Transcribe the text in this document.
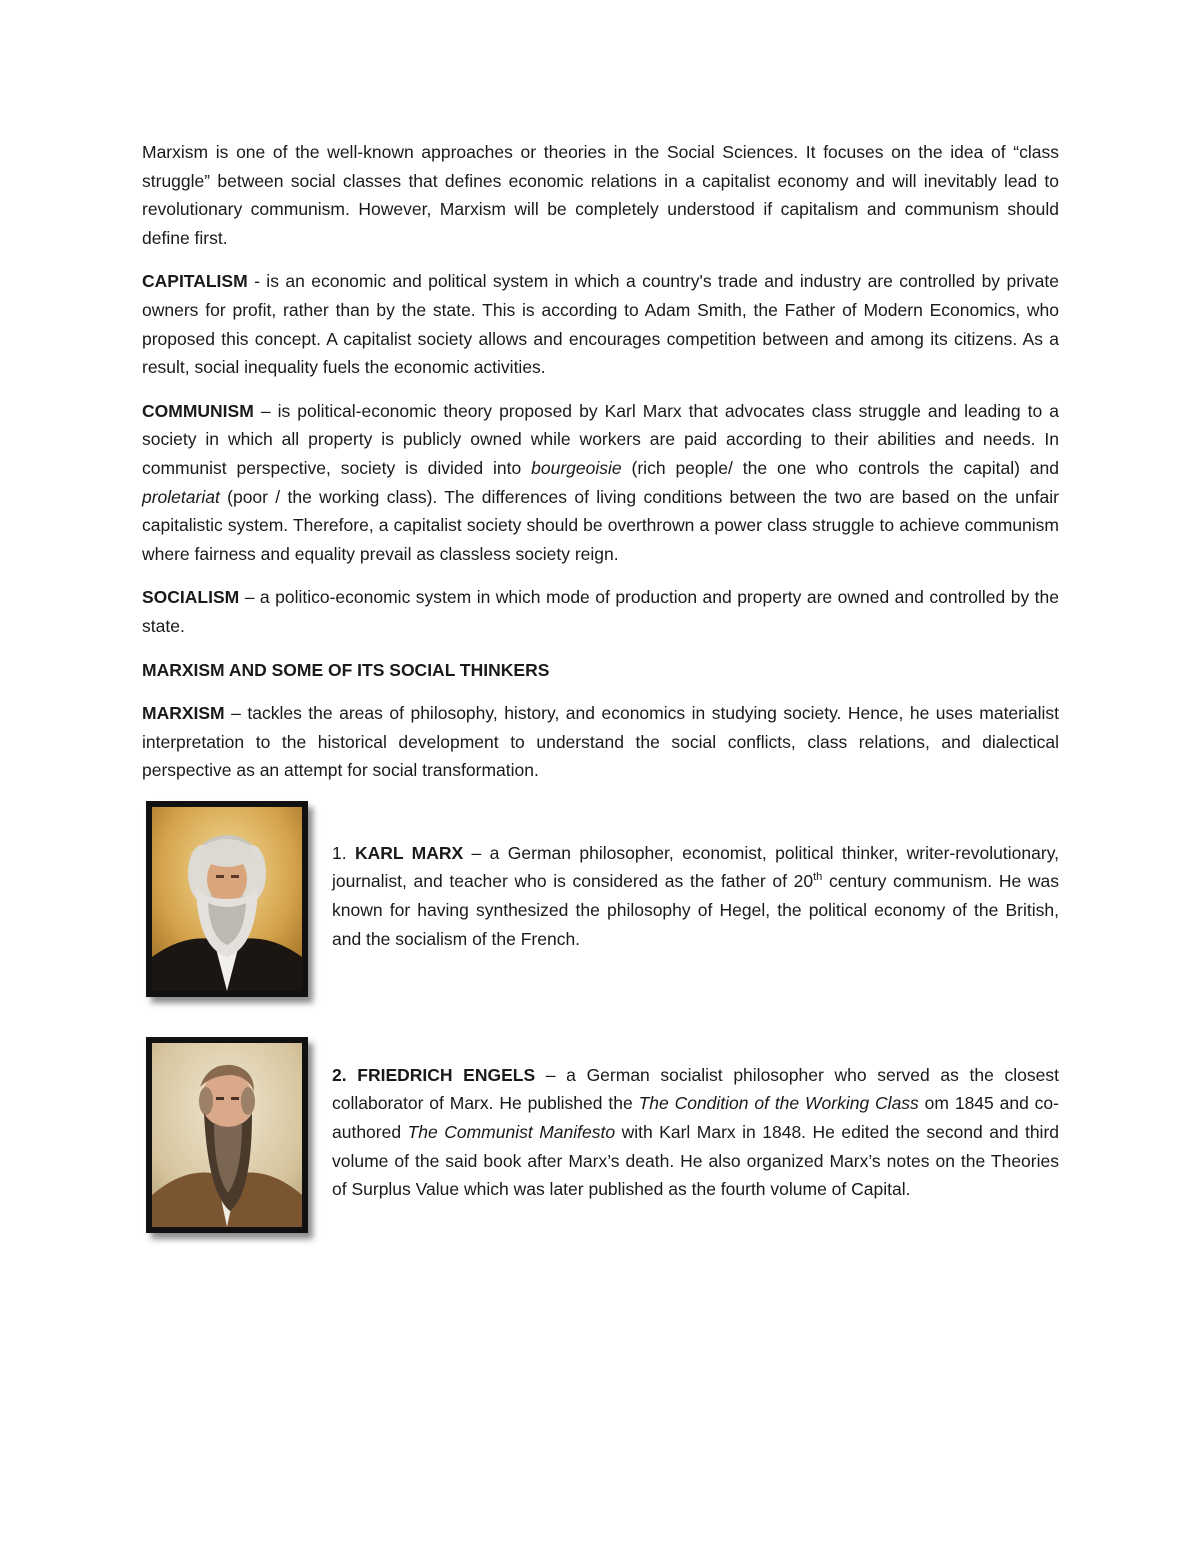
Marxism is one of the well-known approaches or theories in the Social Sciences. It focuses on the idea of “class struggle” between social classes that defines economic relations in a capitalist economy and will inevitably lead to revolutionary communism. However, Marxism will be completely understood if capitalism and communism should define first.

CAPITALISM - is an economic and political system in which a country's trade and industry are controlled by private owners for profit, rather than by the state. This is according to Adam Smith, the Father of Modern Economics, who proposed this concept. A capitalist society allows and encourages competition between and among its citizens. As a result, social inequality fuels the economic activities.

COMMUNISM – is political-economic theory proposed by Karl Marx that advocates class struggle and leading to a society in which all property is publicly owned while workers are paid according to their abilities and needs. In communist perspective, society is divided into bourgeoisie (rich people/ the one who controls the capital) and proletariat (poor / the working class). The differences of living conditions between the two are based on the unfair capitalistic system. Therefore, a capitalist society should be overthrown a power class struggle to achieve communism where fairness and equality prevail as classless society reign.

SOCIALISM – a politico-economic system in which mode of production and property are owned and controlled by the state.

MARXISM AND SOME OF ITS SOCIAL THINKERS

MARXISM – tackles the areas of philosophy, history, and economics in studying society. Hence, he uses materialist interpretation to the historical development to understand the social conflicts, class relations, and dialectical perspective as an attempt for social transformation.

1. KARL MARX – a German philosopher, economist, political thinker, writer-revolutionary, journalist, and teacher who is considered as the father of 20th century communism. He was known for having synthesized the philosophy of Hegel, the political economy of the British, and the socialism of the French.

2. FRIEDRICH ENGELS – a German socialist philosopher who served as the closest collaborator of Marx. He published the The Condition of the Working Class om 1845 and co-authored The Communist Manifesto with Karl Marx in 1848. He edited the second and third volume of the said book after Marx’s death. He also organized Marx’s notes on the Theories of Surplus Value which was later published as the fourth volume of Capital.
